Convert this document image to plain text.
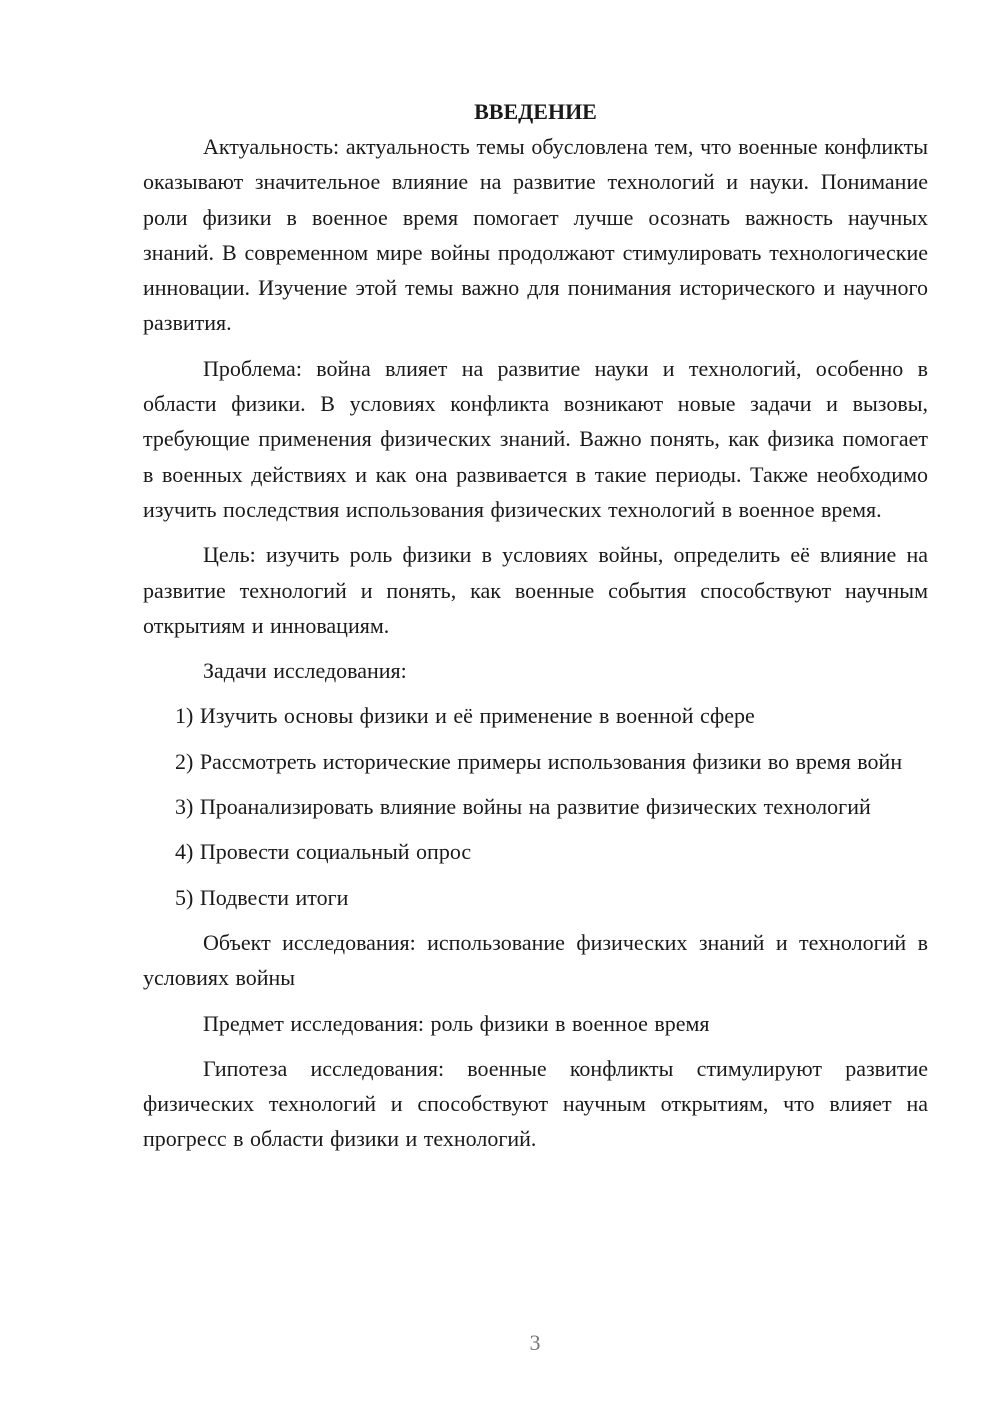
ВВЕДЕНИЕ

Актуальность: актуальность темы обусловлена тем, что военные конфликты оказывают значительное влияние на развитие технологий и науки. Понимание роли физики в военное время помогает лучше осознать важность научных знаний. В современном мире войны продолжают стимулировать технологические инновации. Изучение этой темы важно для понимания исторического и научного развития.

Проблема: война влияет на развитие науки и технологий, особенно в области физики. В условиях конфликта возникают новые задачи и вызовы, требующие применения физических знаний. Важно понять, как физика помогает в военных действиях и как она развивается в такие периоды. Также необходимо изучить последствия использования физических технологий в военное время.

Цель: изучить роль физики в условиях войны, определить её влияние на развитие технологий и понять, как военные события способствуют научным открытиям и инновациям.

Задачи исследования:

1) Изучить основы физики и её применение в военной сфере

2) Рассмотреть исторические примеры использования физики во время войн

3) Проанализировать влияние войны на развитие физических технологий

4) Провести социальный опрос

5) Подвести итоги

Объект исследования: использование физических знаний и технологий в условиях войны

Предмет исследования: роль физики в военное время

Гипотеза исследования: военные конфликты стимулируют развитие физических технологий и способствуют научным открытиям, что влияет на прогресс в области физики и технологий.

3
